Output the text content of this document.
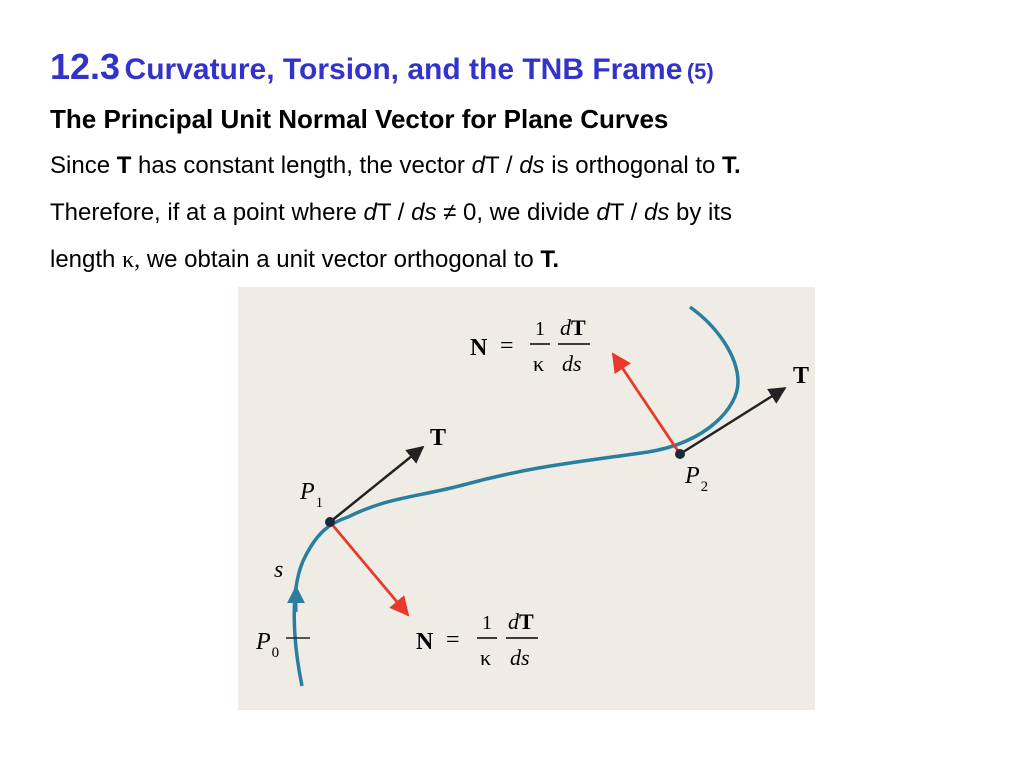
12.3 Curvature, Torsion, and the TNB Frame (5)
The Principal Unit Normal Vector for Plane Curves
Since T has constant length, the vector dT / ds is orthogonal to T.
Therefore, if at a point where dT / ds ≠ 0, we divide dT / ds by its
length κ, we obtain a unit vector orthogonal to T.
T
T
$P_1$
$P_2$
$P_0$
s
N =
1
κ
dT
ds
N =
1
κ
dT
ds
